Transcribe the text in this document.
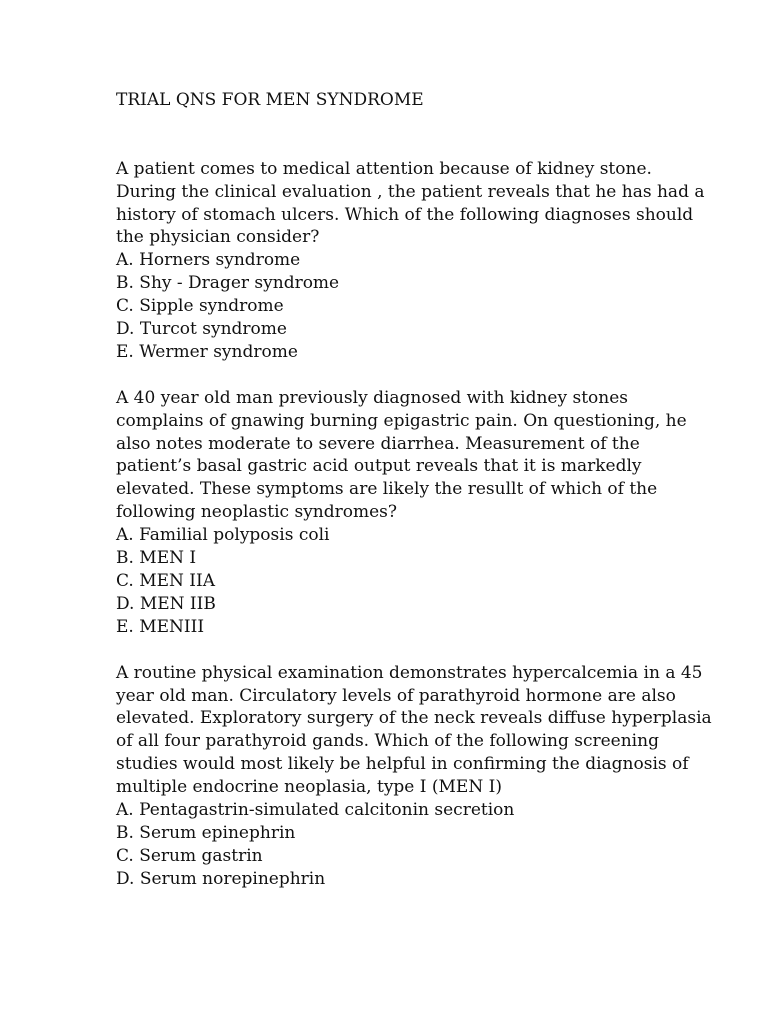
TRIAL QNS FOR MEN SYNDROME

A patient comes to medical attention because of kidney stone. During the clinical evaluation , the patient reveals that he has had a history of stomach ulcers. Which of the following diagnoses should the physician consider?

A. Horners syndrome
B. Shy - Drager syndrome
C. Sipple syndrome
D. Turcot syndrome
E. Wermer syndrome

A 40 year old man previously diagnosed with kidney stones complains of gnawing burning epigastric pain. On questioning, he also notes moderate to severe diarrhea. Measurement of the patient’s basal gastric acid output reveals that it is markedly elevated. These symptoms are likely the resullt of which of the following neoplastic syndromes?

A. Familial polyposis coli
B. MEN I
C. MEN IIA
D. MEN IIB
E. MENIII

A routine physical examination demonstrates hypercalcemia in a 45 year old man. Circulatory levels of parathyroid hormone are also elevated. Exploratory surgery of the neck reveals diffuse hyperplasia of all four parathyroid gands. Which of the following screening studies would most likely be helpful in confirming the diagnosis of multiple endocrine neoplasia, type I (MEN I)

A. Pentagastrin-simulated calcitonin secretion
B. Serum epinephrin
C. Serum gastrin
D. Serum norepinephrin
